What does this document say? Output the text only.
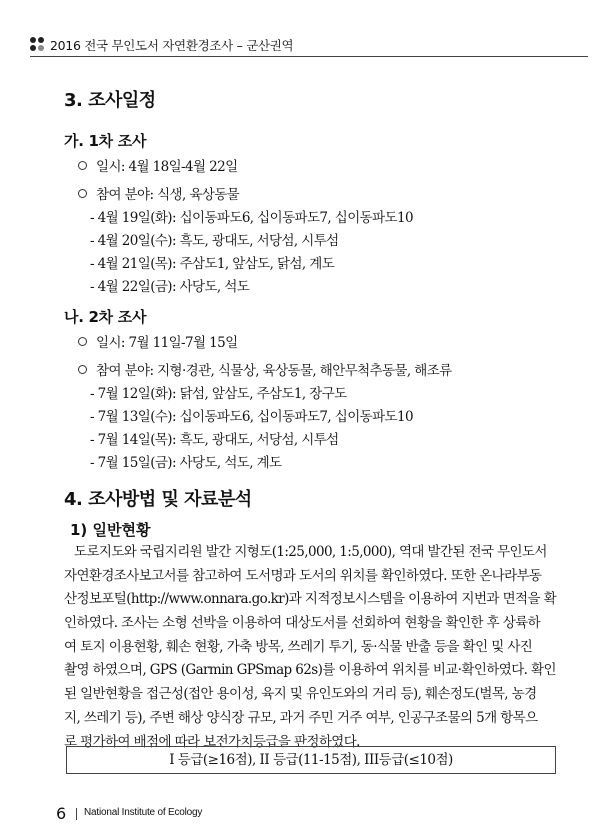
2016 전국 무인도서 자연환경조사 – 군산권역
3. 조사일정
가. 1차 조사
일시: 4월 18일-4월 22일
참여 분야: 식생, 육상동물
- 4월 19일(화): 십이동파도6, 십이동파도7, 십이동파도10
- 4월 20일(수): 흑도, 광대도, 서당섬, 시투섬
- 4월 21일(목): 주삼도1, 앞삼도, 닭섬, 계도
- 4월 22일(금): 사당도, 석도
나. 2차 조사
일시: 7월 11일-7월 15일
참여 분야: 지형·경관, 식물상, 육상동물, 해안무척추동물, 해조류
- 7월 12일(화): 닭섬, 앞삼도, 주삼도1, 장구도
- 7월 13일(수): 십이동파도6, 십이동파도7, 십이동파도10
- 7월 14일(목): 흑도, 광대도, 서당섬, 시투섬
- 7월 15일(금): 사당도, 석도, 계도
4. 조사방법 및 자료분석
1) 일반현황
도로지도와 국립지리원 발간 지형도(1:25,000, 1:5,000), 역대 발간된 전국 무인도서
자연환경조사보고서를 참고하여 도서명과 도서의 위치를 확인하였다. 또한 온나라부동
산정보포털(http://www.onnara.go.kr)과 지적정보시스템을 이용하여 지번과 면적을 확
인하였다. 조사는 소형 선박을 이용하여 대상도서를 선회하여 현황을 확인한 후 상륙하
여 토지 이용현황, 훼손 현황, 가축 방목, 쓰레기 투기, 동·식물 반출 등을 확인 및 사진
촬영 하였으며, GPS (Garmin GPSmap 62s)를 이용하여 위치를 비교·확인하였다. 확인
된 일반현황을 접근성(접안 용이성, 육지 및 유인도와의 거리 등), 훼손정도(벌목, 농경
지, 쓰레기 등), 주변 해상 양식장 규모, 과거 주민 거주 여부, 인공구조물의 5개 항목으
로 평가하여 배점에 따라 보전가치등급을 판정하였다.
I 등급(≥16점), II 등급(11-15점), III등급(≤10점)
6 National Institute of Ecology
